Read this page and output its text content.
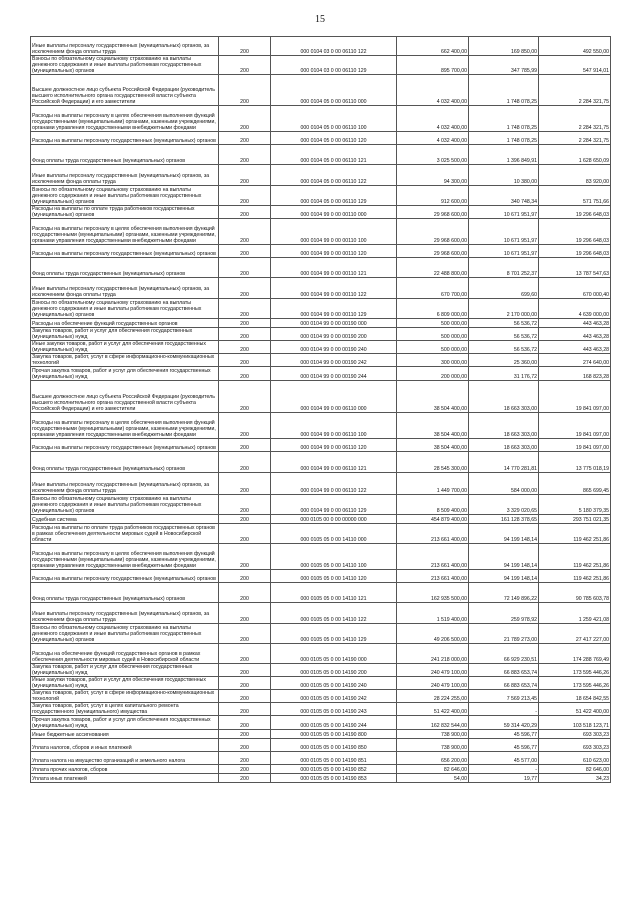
15
Иные выплаты персоналу государственных (муниципальных) органов, за исключением фонда оплаты труда	200	000 0104 03 0 00 06110 122	662 400,00	169 850,00	492 550,00
Взносы по обязательному социальному страхованию на выплаты денежного содержания и иные выплаты работникам государственных (муниципальных) органов	200	000 0104 03 0 00 06110 129	895 700,00	347 785,99	547 914,01
Высшее должностное лицо субъекта Российской Федерации (руководитель высшего исполнительного органа государственной власти субъекта Российской Федерации) и его заместители	200	000 0104 05 0 00 06110 000	4 032 400,00	1 748 078,25	2 284 321,75
Расходы на выплаты персоналу в целях обеспечения выполнения функций государственными (муниципальными) органами, казенными учреждениями, органами управления государственными внебюджетными фондами	200	000 0104 05 0 00 06110 100	4 032 400,00	1 748 078,25	2 284 321,75
Расходы на выплаты персоналу государственных (муниципальных) органов	200	000 0104 05 0 00 06110 120	4 032 400,00	1 748 078,25	2 284 321,75
Фонд оплаты труда государственных (муниципальных) органов	200	000 0104 05 0 00 06110 121	3 025 500,00	1 396 849,91	1 628 650,09
Иные выплаты персоналу государственных (муниципальных) органов, за исключением фонда оплаты труда	200	000 0104 05 0 00 06110 122	94 300,00	10 380,00	83 920,00
Взносы по обязательному социальному страхованию на выплаты денежного содержания и иные выплаты работникам государственных (муниципальных) органов	200	000 0104 05 0 00 06110 129	912 600,00	340 748,34	571 751,66
Расходы на выплаты по оплате труда работников государственных (муниципальных) органов	200	000 0104 99 0 00 00110 000	29 968 600,00	10 671 951,97	19 296 648,03
Расходы на выплаты персоналу в целях обеспечения выполнения функций государственными (муниципальными) органами, казенными учреждениями, органами управления государственными внебюджетными фондами	200	000 0104 99 0 00 00110 100	29 968 600,00	10 671 951,97	19 296 648,03
Расходы на выплаты персоналу государственных (муниципальных) органов	200	000 0104 99 0 00 00110 120	29 968 600,00	10 671 951,97	19 296 648,03
Фонд оплаты труда государственных (муниципальных) органов	200	000 0104 99 0 00 00110 121	22 488 800,00	8 701 252,37	13 787 547,63
Иные выплаты персоналу государственных (муниципальных) органов, за исключением фонда оплаты труда	200	000 0104 99 0 00 00110 122	670 700,00	699,60	670 000,40
Взносы по обязательному социальному страхованию на выплаты денежного содержания и иные выплаты работникам государственных (муниципальных) органов	200	000 0104 99 0 00 00110 129	6 809 000,00	2 170 000,00	4 639 000,00
Расходы на обеспечение функций государственных органов	200	000 0104 99 0 00 00190 000	500 000,00	56 536,72	443 463,28
Закупка товаров, работ и услуг для обеспечения государственных (муниципальных) нужд	200	000 0104 99 0 00 00190 200	500 000,00	56 536,72	443 463,28
Иные закупки товаров, работ и услуг для обеспечения государственных (муниципальных) нужд	200	000 0104 99 0 00 00190 240	500 000,00	56 536,72	443 463,28
Закупка товаров, работ, услуг в сфере информационно-коммуникационных технологий	200	000 0104 99 0 00 00190 242	300 000,00	25 360,00	274 640,00
Прочая закупка товаров, работ и услуг для обеспечения государственных (муниципальных) нужд	200	000 0104 99 0 00 00190 244	200 000,00	31 176,72	168 823,28
Высшее должностное лицо субъекта Российской Федерации (руководитель высшего исполнительного органа государственной власти субъекта Российской Федерации) и его заместители	200	000 0104 99 0 00 06110 000	38 504 400,00	18 663 303,00	19 841 097,00
Расходы на выплаты персоналу в целях обеспечения выполнения функций государственными (муниципальными) органами, казенными учреждениями, органами управления государственными внебюджетными фондами	200	000 0104 99 0 00 06110 100	38 504 400,00	18 663 303,00	19 841 097,00
Расходы на выплаты персоналу государственных (муниципальных) органов	200	000 0104 99 0 00 06110 120	38 504 400,00	18 663 303,00	19 841 097,00
Фонд оплаты труда государственных (муниципальных) органов	200	000 0104 99 0 00 06110 121	28 545 300,00	14 770 281,81	13 775 018,19
Иные выплаты персоналу государственных (муниципальных) органов, за исключением фонда оплаты труда	200	000 0104 99 0 00 06110 122	1 449 700,00	584 000,00	865 699,45
Взносы по обязательному социальному страхованию на выплаты денежного содержания и иные выплаты работникам государственных (муниципальных) органов	200	000 0104 99 0 00 06110 129	8 509 400,00	3 329 020,65	5 180 379,35
Судебная система	200	000 0105 00 0 00 00000 000	454 879 400,00	161 128 378,65	293 751 021,35
Расходы на выплаты по оплате труда работников государственных органов в рамках обеспечения деятельности мировых судей в Новосибирской области	200	000 0105 05 0 00 14110 000	213 661 400,00	94 199 148,14	119 462 251,86
Расходы на выплаты персоналу в целях обеспечения выполнения функций государственными (муниципальными) органами, казенными учреждениями, органами управления государственными внебюджетными фондами	200	000 0105 05 0 00 14110 100	213 661 400,00	94 199 148,14	119 462 251,86
Расходы на выплаты персоналу государственных (муниципальных) органов	200	000 0105 05 0 00 14110 120	213 661 400,00	94 199 148,14	119 462 251,86
Фонд оплаты труда государственных (муниципальных) органов	200	000 0105 05 0 00 14110 121	162 935 500,00	72 149 896,22	90 785 603,78
Иные выплаты персоналу государственных (муниципальных) органов, за исключением фонда оплаты труда	200	000 0105 05 0 00 14110 122	1 519 400,00	259 978,92	1 259 421,08
Взносы по обязательному социальному страхованию на выплаты денежного содержания и иные выплаты работникам государственных (муниципальных) органов	200	000 0105 05 0 00 14110 129	49 206 500,00	21 789 273,00	27 417 227,00
Расходы на обеспечение функций государственных органов в рамках обеспечения деятельности мировых судей в Новосибирской области	200	000 0105 05 0 00 14190 000	241 218 000,00	66 929 230,51	174 288 769,49
Закупка товаров, работ и услуг для обеспечения государственных (муниципальных) нужд	200	000 0105 05 0 00 14190 200	240 479 100,00	66 883 653,74	173 595 446,26
Иные закупки товаров, работ и услуг для обеспечения государственных (муниципальных) нужд	200	000 0105 05 0 00 14190 240	240 479 100,00	66 883 653,74	173 595 446,26
Закупка товаров, работ, услуг в сфере информационно-коммуникационных технологий	200	000 0105 05 0 00 14190 242	28 224 255,00	7 569 213,45	18 654 842,55
Закупка товаров, работ, услуг в целях капитального ремонта государственного (муниципального) имущества	200	000 0105 05 0 00 14190 243	51 422 400,00	-	51 422 400,00
Прочая закупка товаров, работ и услуг для обеспечения государственных (муниципальных) нужд	200	000 0105 05 0 00 14190 244	162 832 544,00	59 314 420,29	103 518 123,71
Иные бюджетные ассигнования	200	000 0105 05 0 00 14190 800	738 900,00	45 596,77	693 303,23
Уплата налогов, сборов и иных платежей	200	000 0105 05 0 00 14190 850	738 900,00	45 596,77	693 303,23
Уплата налога на имущество организаций и земельного налога	200	000 0105 05 0 00 14190 851	656 200,00	45 577,00	610 623,00
Уплата прочих налогов, сборов	200	000 0105 05 0 00 14190 852	82 646,00	-	82 646,00
Уплата иных платежей	200	000 0105 05 0 00 14190 853	54,00	19,77	34,23
